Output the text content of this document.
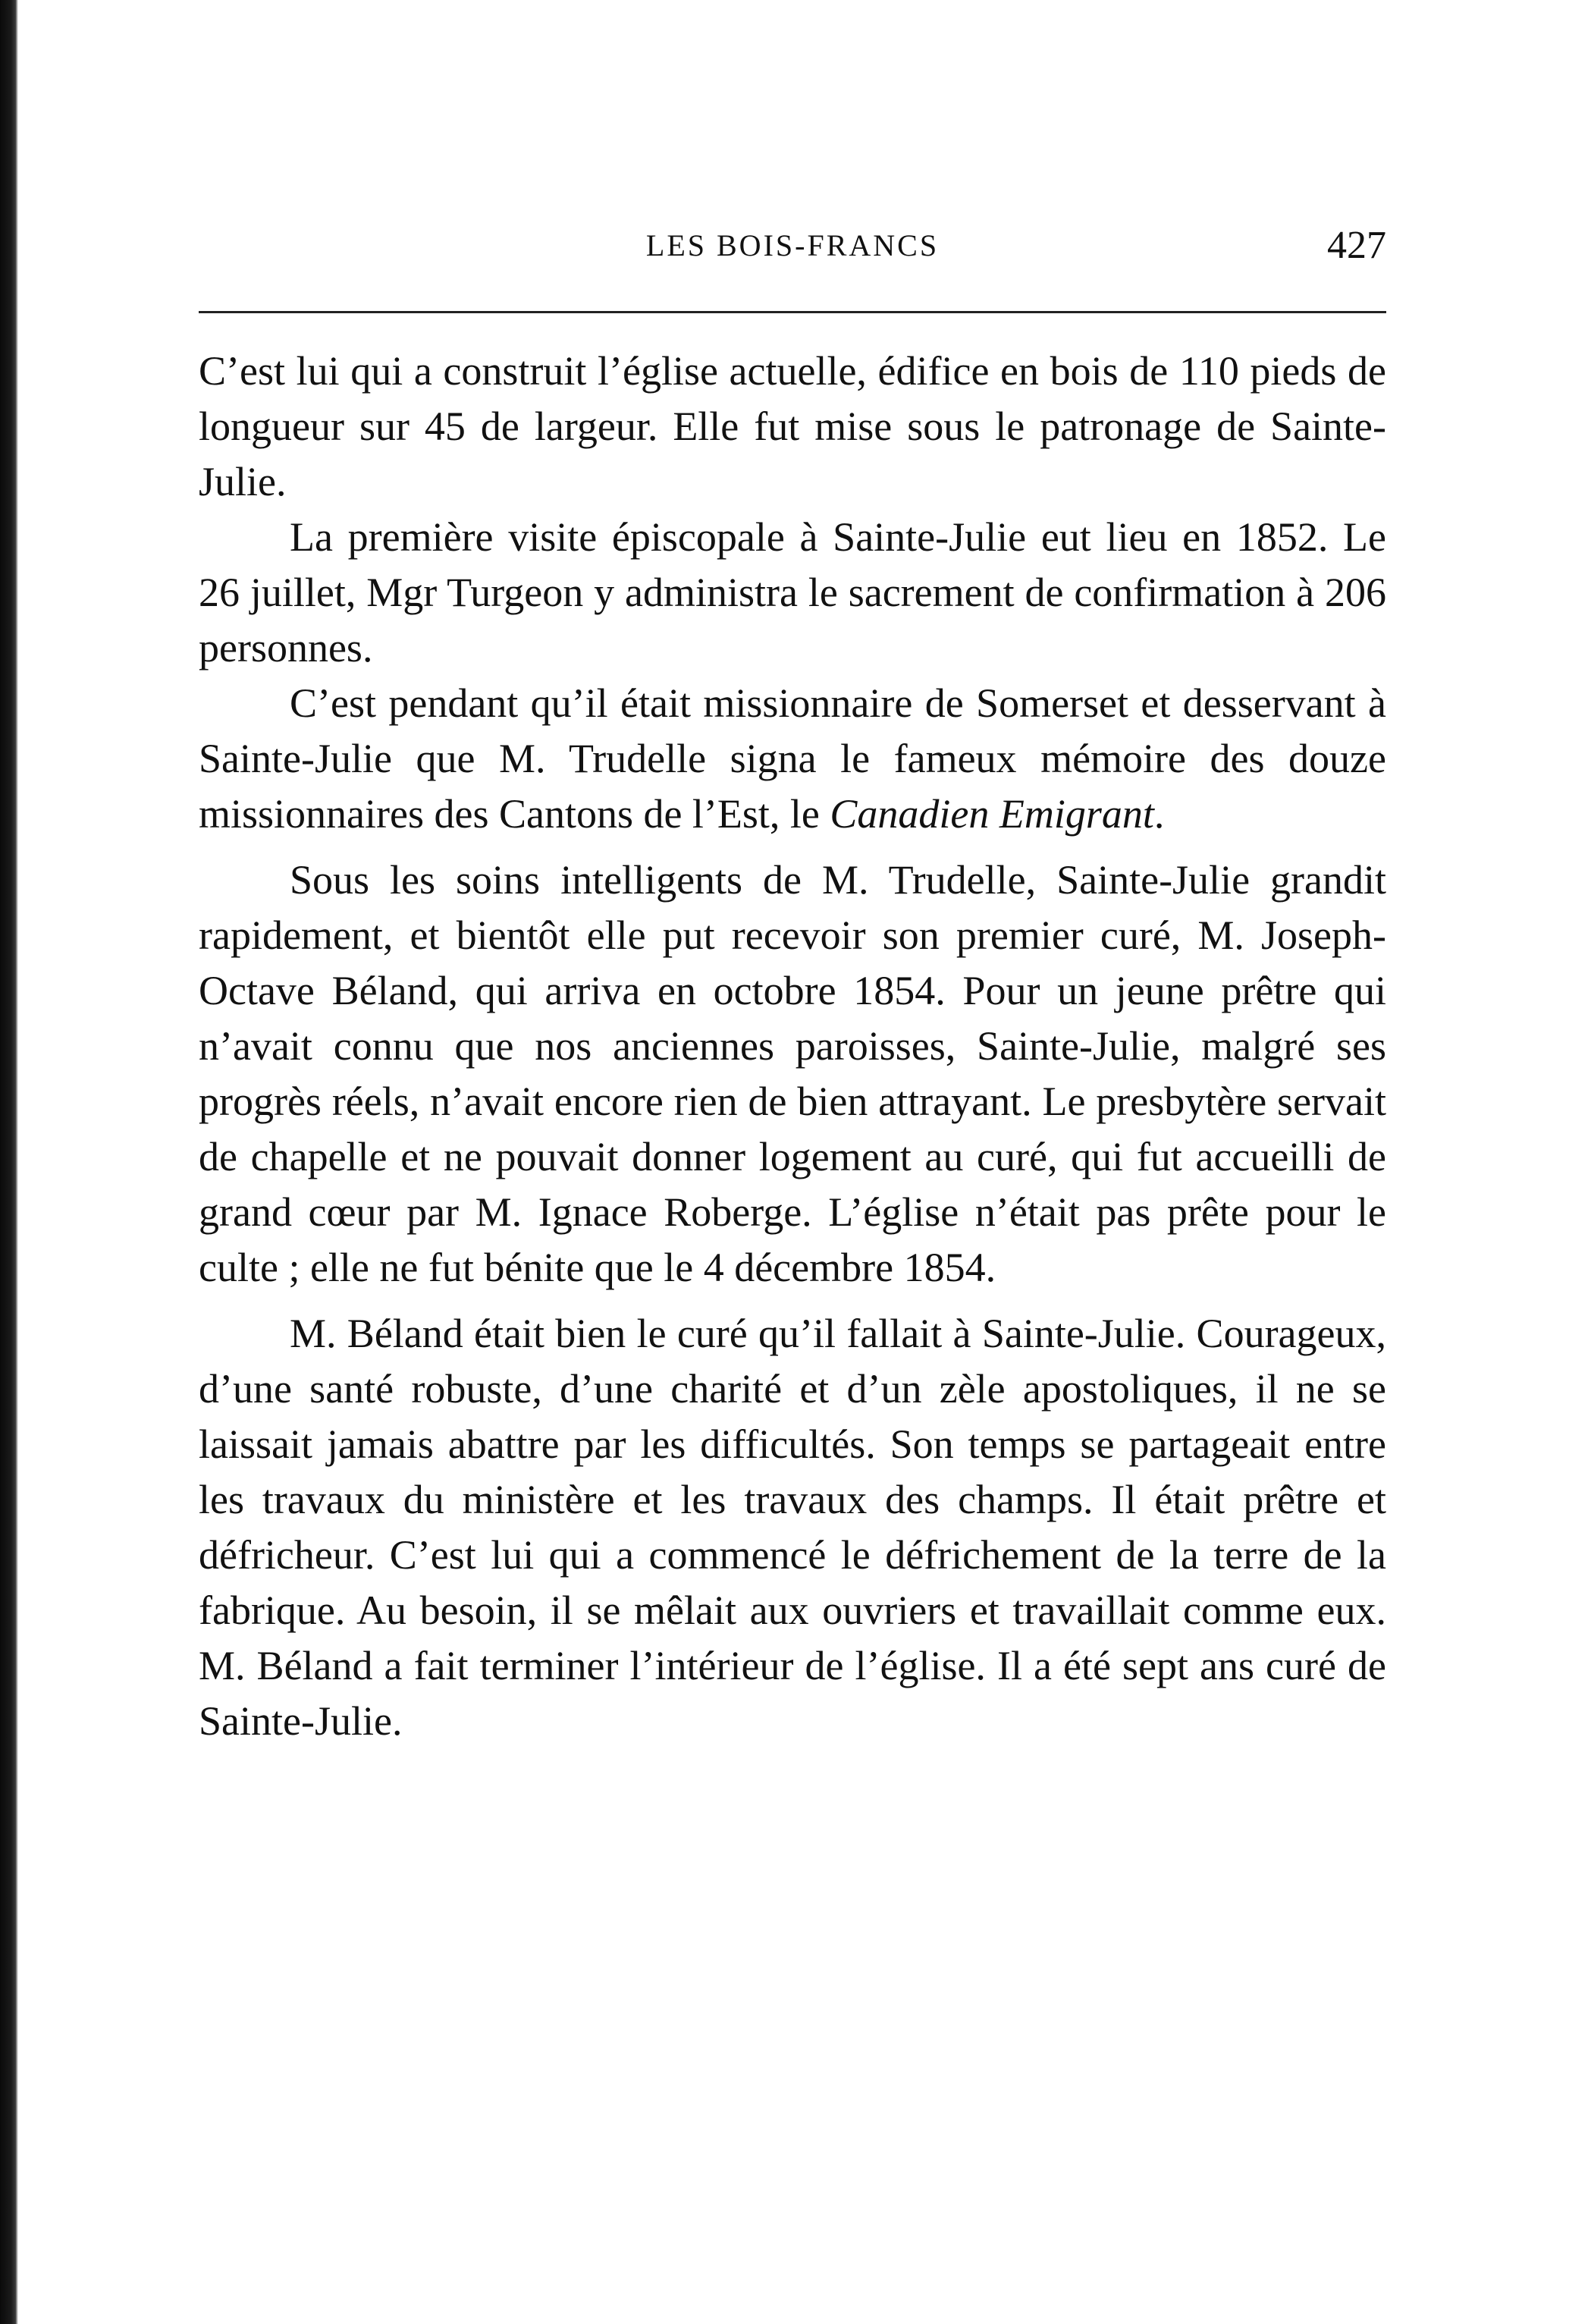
LES BOIS-FRANCS	427

C’est lui qui a construit l’église actuelle, édifice en bois de 110 pieds de longueur sur 45 de largeur. Elle fut mise sous le patronage de Sainte-Julie.

La première visite épiscopale à Sainte-Julie eut lieu en 1852. Le 26 juillet, Mgr Turgeon y administra le sacrement de confirmation à 206 personnes.

C’est pendant qu’il était missionnaire de Somerset et desservant à Sainte-Julie que M. Trudelle signa le fameux mémoire des douze missionnaires des Cantons de l’Est, le Canadien Emigrant.

Sous les soins intelligents de M. Trudelle, Sainte-Julie grandit rapidement, et bientôt elle put recevoir son premier curé, M. Joseph-Octave Béland, qui arriva en octobre 1854. Pour un jeune prêtre qui n’avait connu que nos anciennes paroisses, Sainte-Julie, malgré ses progrès réels, n’avait encore rien de bien attrayant. Le presbytère servait de chapelle et ne pouvait donner logement au curé, qui fut accueilli de grand cœur par M. Ignace Roberge. L’église n’était pas prête pour le culte ; elle ne fut bénite que le 4 décembre 1854.

M. Béland était bien le curé qu’il fallait à Sainte-Julie. Courageux, d’une santé robuste, d’une charité et d’un zèle apostoliques, il ne se laissait jamais abattre par les difficultés. Son temps se partageait entre les travaux du ministère et les travaux des champs. Il était prêtre et défricheur. C’est lui qui a commencé le défrichement de la terre de la fabrique. Au besoin, il se mêlait aux ouvriers et travaillait comme eux. M. Béland a fait terminer l’intérieur de l’église. Il a été sept ans curé de Sainte-Julie.
